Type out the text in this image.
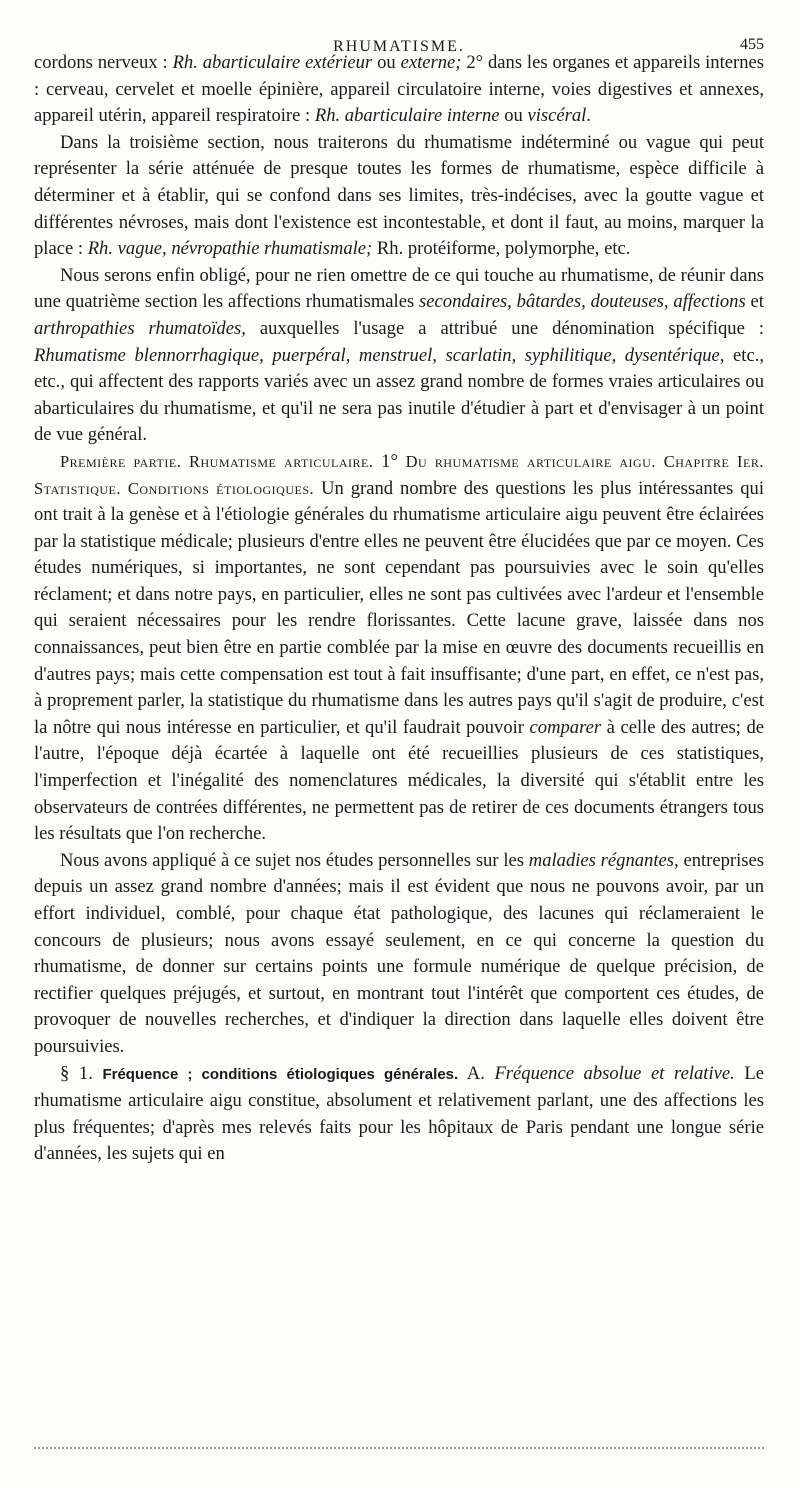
RHUMATISME.	455

cordons nerveux : Rh. abarticulaire extérieur ou externe; 2° dans les organes et appareils internes : cerveau, cervelet et moelle épinière, appareil circulatoire interne, voies digestives et annexes, appareil utérin, appareil respiratoire : Rh. abarticulaire interne ou viscéral.

Dans la troisième section, nous traiterons du rhumatisme indéterminé ou vague qui peut représenter la série atténuée de presque toutes les formes de rhumatisme, espèce difficile à déterminer et à établir, qui se confond dans ses limites, très-indécises, avec la goutte vague et différentes névroses, mais dont l'existence est incontestable, et dont il faut, au moins, marquer la place : Rh. vague, névropathie rhumatismale; Rh. protéiforme, polymorphe, etc.

Nous serons enfin obligé, pour ne rien omettre de ce qui touche au rhumatisme, de réunir dans une quatrième section les affections rhumatismales secondaires, bâtardes, douteuses, affections et arthropathies rhumatoïdes, auxquelles l'usage a attribué une dénomination spécifique : Rhumatisme blennorrhagique, puerpéral, menstruel, scarlatin, syphilitique, dysentérique, etc., etc., qui affectent des rapports variés avec un assez grand nombre de formes vraies articulaires ou abarticulaires du rhumatisme, et qu'il ne sera pas inutile d'étudier à part et d'envisager à un point de vue général.

Première partie. Rhumatisme articulaire. 1° Du rhumatisme articulaire aigu. Chapitre Ier. Statistique. Conditions étiologiques. Un grand nombre des questions les plus intéressantes qui ont trait à la genèse et à l'étiologie générales du rhumatisme articulaire aigu peuvent être éclairées par la statistique médicale; plusieurs d'entre elles ne peuvent être élucidées que par ce moyen. Ces études numériques, si importantes, ne sont cependant pas poursuivies avec le soin qu'elles réclament; et dans notre pays, en particulier, elles ne sont pas cultivées avec l'ardeur et l'ensemble qui seraient nécessaires pour les rendre florissantes. Cette lacune grave, laissée dans nos connaissances, peut bien être en partie comblée par la mise en œuvre des documents recueillis en d'autres pays; mais cette compensation est tout à fait insuffisante; d'une part, en effet, ce n'est pas, à proprement parler, la statistique du rhumatisme dans les autres pays qu'il s'agit de produire, c'est la nôtre qui nous intéresse en particulier, et qu'il faudrait pouvoir comparer à celle des autres; de l'autre, l'époque déjà écartée à laquelle ont été recueillies plusieurs de ces statistiques, l'imperfection et l'inégalité des nomenclatures médicales, la diversité qui s'établit entre les observateurs de contrées différentes, ne permettent pas de retirer de ces documents étrangers tous les résultats que l'on recherche.

Nous avons appliqué à ce sujet nos études personnelles sur les maladies régnantes, entreprises depuis un assez grand nombre d'années; mais il est évident que nous ne pouvons avoir, par un effort individuel, comblé, pour chaque état pathologique, des lacunes qui réclameraient le concours de plusieurs; nous avons essayé seulement, en ce qui concerne la question du rhumatisme, de donner sur certains points une formule numérique de quelque précision, de rectifier quelques préjugés, et surtout, en montrant tout l'intérêt que comportent ces études, de provoquer de nouvelles recherches, et d'indiquer la direction dans laquelle elles doivent être poursuivies.

§ 1. Fréquence ; conditions étiologiques générales. A. Fréquence absolue et relative. Le rhumatisme articulaire aigu constitue, absolument et relativement parlant, une des affections les plus fréquentes; d'après mes relevés faits pour les hôpitaux de Paris pendant une longue série d'années, les sujets qui en
